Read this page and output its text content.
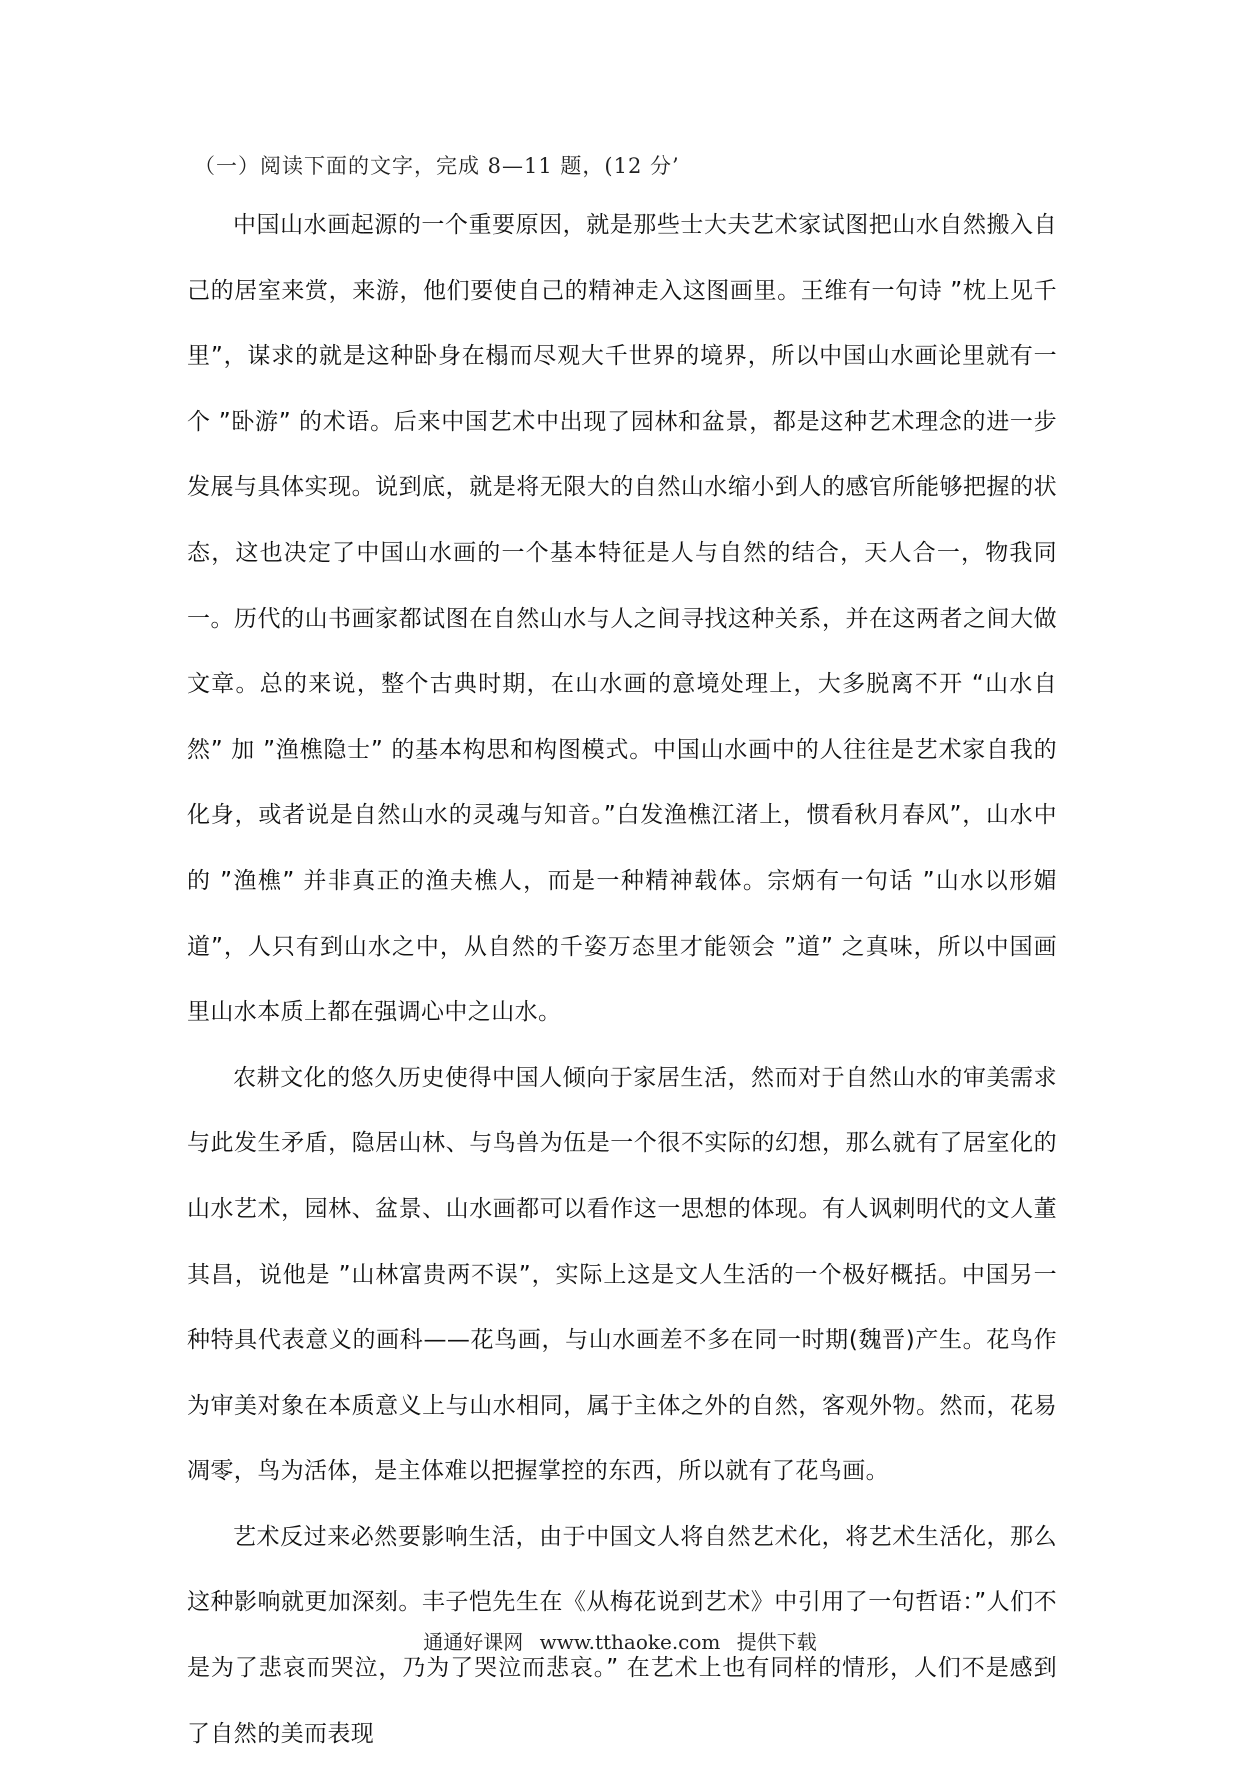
（一）阅读下面的文字，完成 8—11 题，(12 分’

中国山水画起源的一个重要原因，就是那些士大夫艺术家试图把山水自然搬入自己的居室来赏，来游，他们要使自己的精神走入这图画里。王维有一句诗 ”枕上见千里”，谋求的就是这种卧身在榻而尽观大千世界的境界，所以中国山水画论里就有一个 ”卧游” 的术语。后来中国艺术中出现了园林和盆景，都是这种艺术理念的进一步发展与具体实现。说到底，就是将无限大的自然山水缩小到人的感官所能够把握的状态，这也决定了中国山水画的一个基本特征是人与自然的结合，天人合一，物我同一。历代的山书画家都试图在自然山水与人之间寻找这种关系，并在这两者之间大做文章。总的来说，整个古典时期，在山水画的意境处理上，大多脱离不开 “山水自然” 加 ”渔樵隐士” 的基本构思和构图模式。中国山水画中的人往往是艺术家自我的化身，或者说是自然山水的灵魂与知音。”白发渔樵江渚上，惯看秋月春风”，山水中的 ”渔樵” 并非真正的渔夫樵人，而是一种精神载体。宗炳有一句话 ”山水以形媚道”，人只有到山水之中，从自然的千姿万态里才能领会 ”道” 之真味，所以中国画里山水本质上都在强调心中之山水。

农耕文化的悠久历史使得中国人倾向于家居生活，然而对于自然山水的审美需求与此发生矛盾，隐居山林、与鸟兽为伍是一个很不实际的幻想，那么就有了居室化的山水艺术，园林、盆景、山水画都可以看作这一思想的体现。有人讽刺明代的文人董其昌，说他是 ”山林富贵两不误”，实际上这是文人生活的一个极好概括。中国另一种特具代表意义的画科——花鸟画，与山水画差不多在同一时期(魏晋)产生。花鸟作为审美对象在本质意义上与山水相同，属于主体之外的自然，客观外物。然而，花易凋零，鸟为活体，是主体难以把握掌控的东西，所以就有了花鸟画。

艺术反过来必然要影响生活，由于中国文人将自然艺术化，将艺术生活化，那么这种影响就更加深刻。丰子恺先生在《从梅花说到艺术》中引用了一句哲语：”人们不是为了悲哀而哭泣，乃为了哭泣而悲哀。” 在艺术上也有同样的情形，人们不是感到了自然的美而表现

通通好课网 www.tthaoke.com 提供下载
